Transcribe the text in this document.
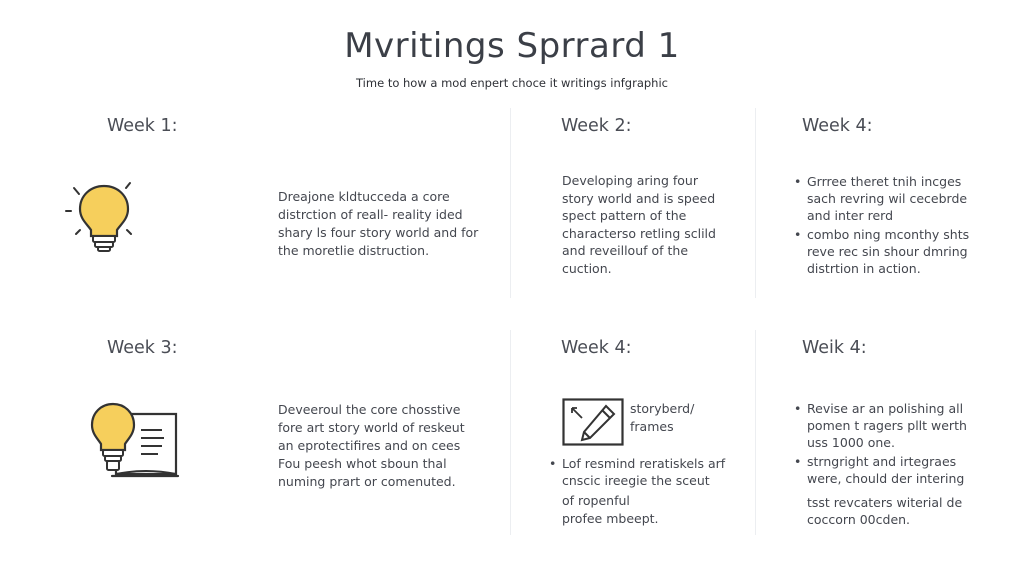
Mvritings Sprrard 1
Time to how a mod enpert choce it writings infgraphic
Week 1:
Dreajone kldtucceda a core
distrction of reall- reality ided
shary ls four story world and for
the moretlie distruction.
Week 2:
Developing aring four
story world and is speed
spect pattern of the
characterso retling sclild
and reveillouf of the
cuction.
Week 4:
• Grrree theret tnih incges
sach revring wil cecebrde
and inter rerd
• combo ning mconthy shts
reve rec sin shour dmring
distrtion in action.
Week 3:
Deveeroul the core chosstive
fore art story world of reskeut
an eprotectifires and on cees
Fou peesh whot sboun thal
numing prart or comenuted.
Week 4:
storyberd/
frames
• Lof resmind reratiskels arf
cnscic ireegie the sceut
of ropenful
profee mbeept.
Weik 4:
• Revise ar an polishing all
pomen t ragers pllt werth
uss 1000 one.
• strngright and irtegraes
were, chould der intering
tsst revcaters witerial de
coccorn 00cden.
